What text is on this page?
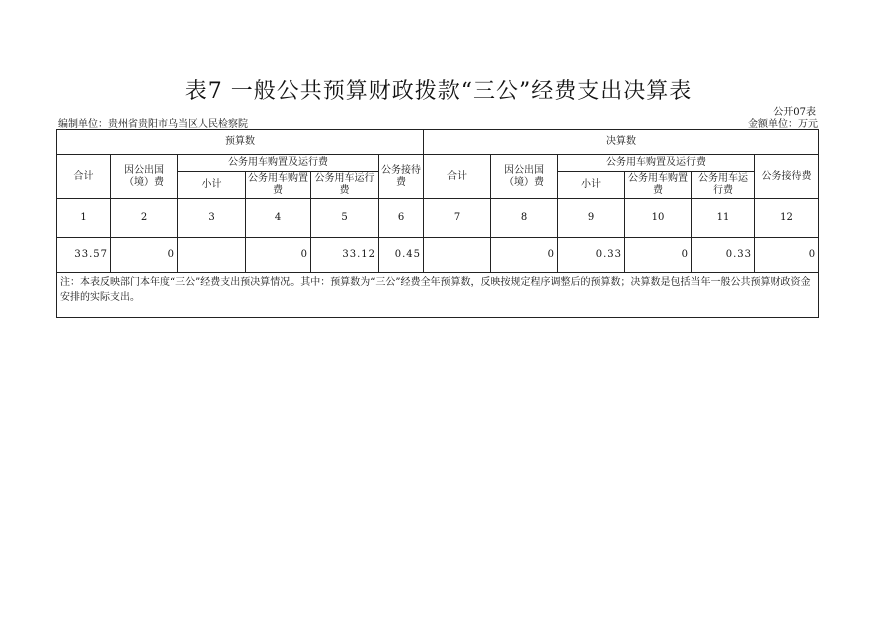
表7 一般公共预算财政拨款“三公”经费支出决算表
公开07表
编制单位：贵州省贵阳市乌当区人民检察院	金额单位：万元
预算数						决算数					
合计	因公出国（境）费	公务用车购置及运行费			公务接待费	合计	因公出国（境）费	公务用车购置及运行费			公务接待费
		小计	公务用车购置费	公务用车运行费				小计	公务用车购置费	公务用车运行费	
1	2	3	4	5	6	7	8	9	10	11	12
33.57	0		0	33.12	0.45		0	0.33	0	0.33	0
注：本表反映部门本年度“三公”经费支出预决算情况。其中：预算数为“三公”经费全年预算数，反映按规定程序调整后的预算数；决算数是包括当年一般公共预算财政资金安排的实际支出。											
